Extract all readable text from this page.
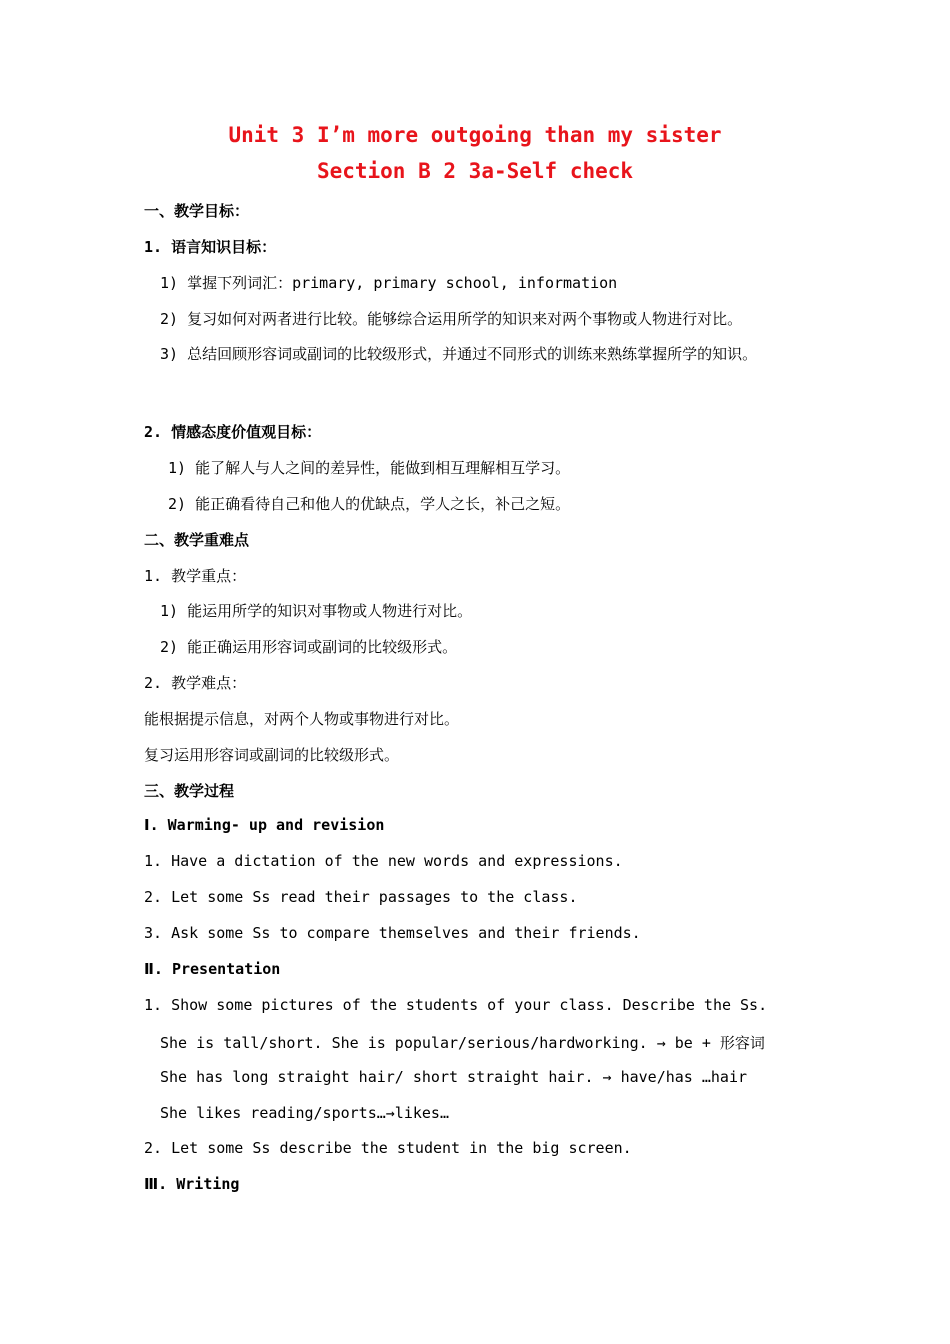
Unit 3 I’m more outgoing than my sister
Section B 2 3a-Self check
一、教学目标：
1. 语言知识目标：
1) 掌握下列词汇：primary, primary school, information
2) 复习如何对两者进行比较。能够综合运用所学的知识来对两个事物或人物进行对比。
3) 总结回顾形容词或副词的比较级形式，并通过不同形式的训练来熟练掌握所学的知识。
2. 情感态度价值观目标：
1) 能了解人与人之间的差异性，能做到相互理解相互学习。
2) 能正确看待自己和他人的优缺点，学人之长，补己之短。
二、教学重难点
1. 教学重点：
1) 能运用所学的知识对事物或人物进行对比。
2) 能正确运用形容词或副词的比较级形式。
2. 教学难点：
能根据提示信息，对两个人物或事物进行对比。
复习运用形容词或副词的比较级形式。
三、教学过程
Ⅰ. Warming- up and revision
1. Have a dictation of the new words and expressions.
2. Let some Ss read their passages to the class.
3. Ask some Ss to compare themselves and their friends.
Ⅱ. Presentation
1. Show some pictures of the students of your class. Describe the Ss.
She is tall/short. She is popular/serious/hardworking. → be + 形容词
She has long straight hair/ short straight hair. → have/has …hair
She likes reading/sports…→likes…
2. Let some Ss describe the student in the big screen.
Ⅲ. Writing
